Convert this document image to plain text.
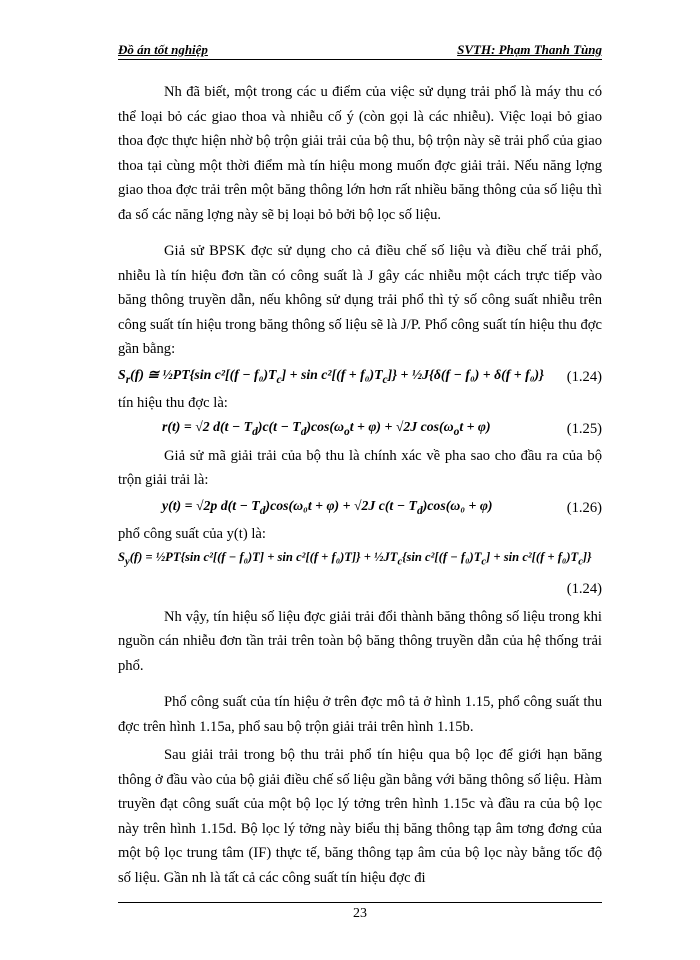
Đồ án tốt nghiệp	SVTH: Phạm Thanh Tùng

Nh đã biết, một trong các u điểm của việc sử dụng trải phổ là máy thu có thể loại bỏ các giao thoa và nhiễu cố ý (còn gọi là các nhiễu). Việc loại bỏ giao thoa đợc thực hiện nhờ bộ trộn giải trải của bộ thu, bộ trộn này sẽ trải phổ của giao thoa tại cùng một thời điểm mà tín hiệu mong muốn đợc giải trải. Nếu năng lợng giao thoa đợc trải trên một băng thông lớn hơn rất nhiều băng thông của số liệu thì đa số các năng lợng này sẽ bị loại bỏ bởi bộ lọc số liệu.

Giả sử BPSK đợc sử dụng cho cả điều chế số liệu và điều chế trải phổ, nhiễu là tín hiệu đơn tần có công suất là J gây các nhiễu một cách trực tiếp vào băng thông truyền dẫn, nếu không sử dụng trải phổ thì tỷ số công suất nhiễu trên công suất tín hiệu trong băng thông số liệu sẽ là J/P. Phổ công suất tín hiệu thu đợc gần bằng:

$S_r(f)$ ≅ ½PT{sin $c^2[(f - f_0)T_c] + \sin c^2[(f + f_0)T_c]$} + ½J{δ(f − f₀) + δ(f + f₀)} (1.24)

tín hiệu thu đợc là:

r(t) = √2 $d(t - T_d)c(t - T_d)\cos(\omega_ot + \varphi) + √2J$ $\cos(\omega_ot + \varphi)$	(1.25)

Giả sử mã giải trải của bộ thu là chính xác về pha sao cho đầu ra của bộ trộn giải trải là:

y(t) = √2p $d(t - T_d)\cos(\omega_0t + \varphi) + √2J$ $c(t - T_d)\cos(\omega_0 + \varphi)$	(1.26)

phổ công suất của y(t) là:

$S_y(f)$ = ½PT{sin $c^2[(f - f_0)T] + \sin c^2[(f + f_0)T]\} + \frac{1}{2}JT_c\{\sin$ $c^2[(f - f_0)T_c] + \sin c^2[(f + f_0)T_c]$}
(1.24)

Nh vậy, tín hiệu số liệu đợc giải trải đổi thành băng thông số liệu trong khi nguồn cán nhiễu đơn tần trải trên toàn bộ băng thông truyền dẫn của hệ thống trải phổ.

Phổ công suất của tín hiệu ở trên đợc mô tả ở hình 1.15, phổ công suất thu đợc trên hình 1.15a, phổ sau bộ trộn giải trải trên hình 1.15b.

Sau giải trải trong bộ thu trải phổ tín hiệu qua bộ lọc để giới hạn băng thông ở đầu vào của bộ giải điều chế số liệu gần bằng với băng thông số liệu. Hàm truyền đạt công suất của một bộ lọc lý tởng trên hình 1.15c và đầu ra của bộ lọc này trên hình 1.15d. Bộ lọc lý tởng này biểu thị băng thông tạp âm tơng đơng của một bộ lọc trung tâm (IF) thực tế, băng thông tạp âm của bộ lọc này bằng tốc độ số liệu. Gần nh là tất cả các công suất tín hiệu đợc đi

23
